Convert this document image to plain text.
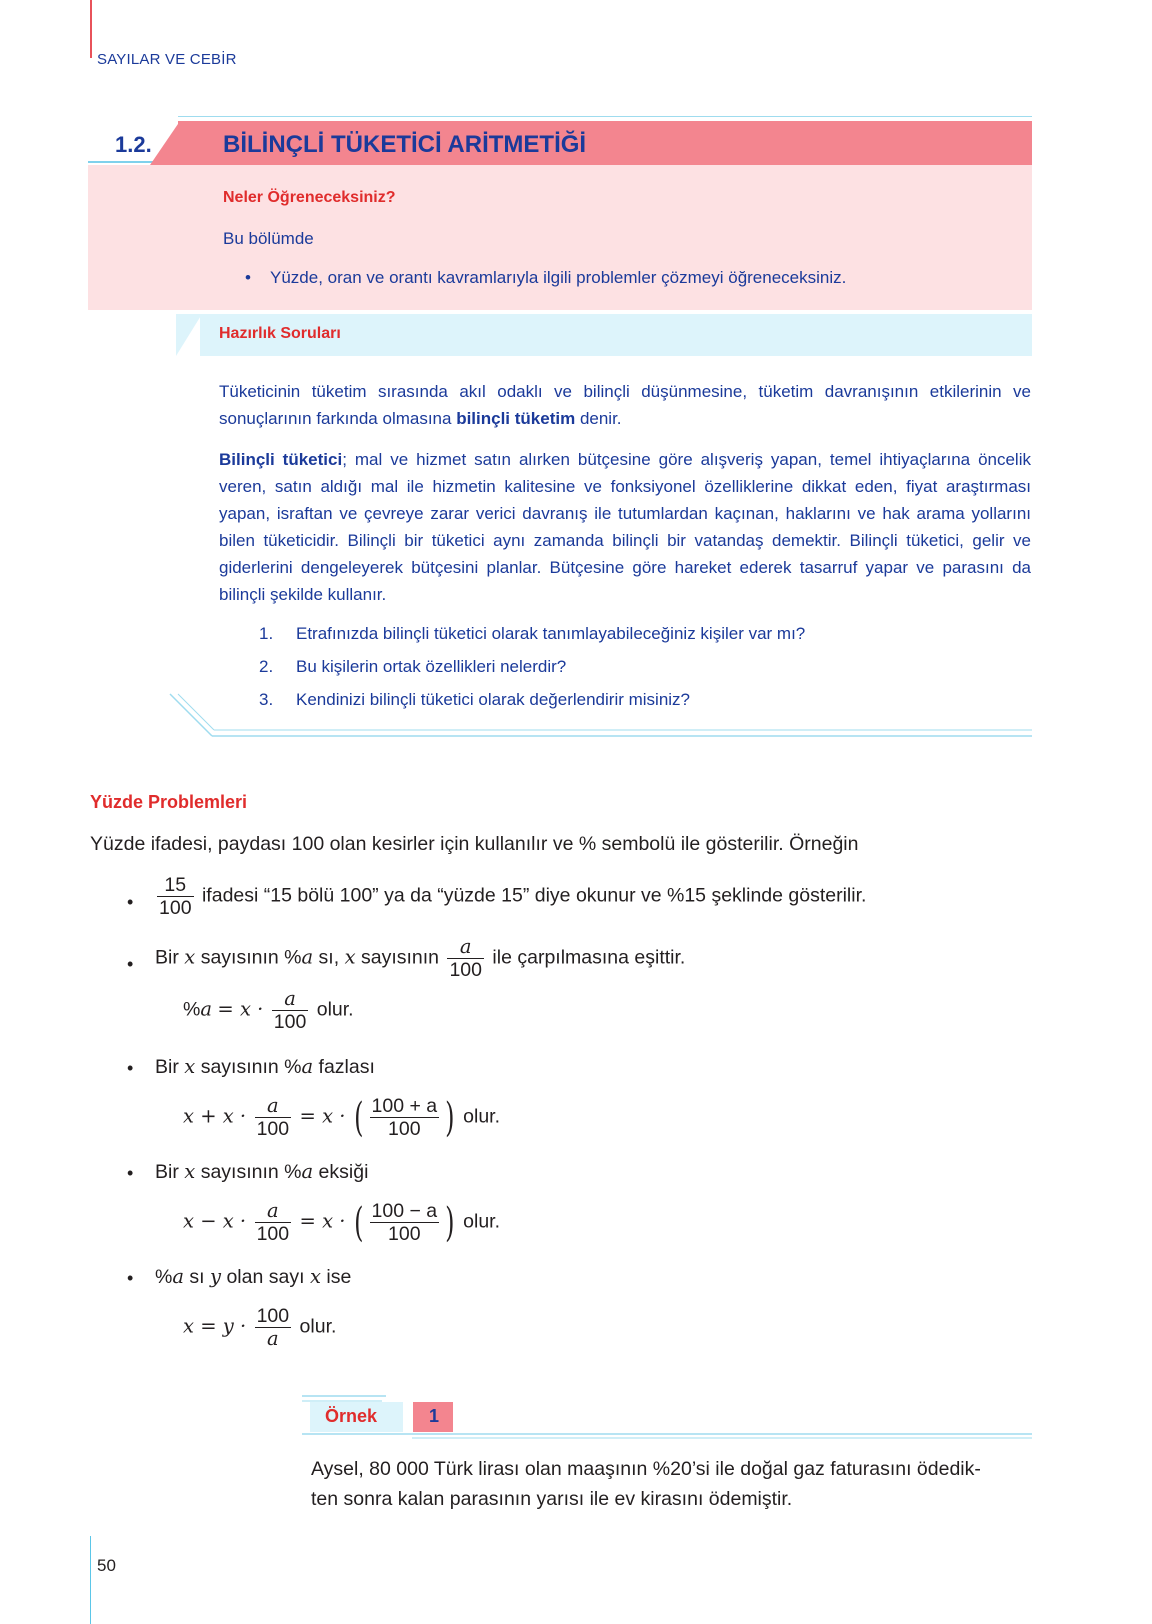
SAYILAR VE CEBİR
1.2.	BİLİNÇLİ TÜKETİCİ ARİTMETİĞİ
Neler Öğreneceksiniz?
Bu bölümde
• Yüzde, oran ve orantı kavramlarıyla ilgili problemler çözmeyi öğreneceksiniz.
Hazırlık Soruları
Tüketicinin tüketim sırasında akıl odaklı ve bilinçli düşünmesine, tüketim davranışının etkilerinin ve sonuçlarının farkında olmasına bilinçli tüketim denir.
Bilinçli tüketici; mal ve hizmet satın alırken bütçesine göre alışveriş yapan, temel ihtiyaçlarına öncelik veren, satın aldığı mal ile hizmetin kalitesine ve fonksiyonel özelliklerine dikkat eden, fiyat araştırması yapan, israftan ve çevreye zarar verici davranış ile tutumlardan kaçınan, haklarını ve hak arama yollarını bilen tüketicidir. Bilinçli bir tüketici aynı zamanda bilinçli bir vatandaş demektir. Bilinçli tüketici, gelir ve giderlerini dengeleyerek bütçesini planlar. Bütçesine göre hareket ederek tasarruf yapar ve parasını da bilinçli şekilde kullanır.
1. Etrafınızda bilinçli tüketici olarak tanımlayabileceğiniz kişiler var mı?
2. Bu kişilerin ortak özellikleri nelerdir?
3. Kendinizi bilinçli tüketici olarak değerlendirir misiniz?
Yüzde Problemleri
Yüzde ifadesi, paydası 100 olan kesirler için kullanılır ve % sembolü ile gösterilir. Örneğin
• $\frac{15}{100}$ ifadesi “15 bölü 100” ya da “yüzde 15” diye okunur ve %15 şeklinde gösterilir.
• Bir x sayısının %a sı, x sayısının $\frac{a}{100}$ ile çarpılmasına eşittir.
$\%a = x \cdot \frac{a}{100}$ olur.
• Bir x sayısının %a fazlası
$x + x \cdot \frac{a}{100} = x$ · ( $\frac{100 + a}{100}$ ) olur.
• Bir x sayısının %a eksiği
$x - x \cdot \frac{a}{100} = x$ · ( $\frac{100 - a}{100}$ ) olur.
• %a sı y olan sayı x ise
$x = y \cdot \frac{100}{a}$ olur.
Örnek	1
Aysel, 80 000 Türk lirası olan maaşının %20’si ile doğal gaz faturasını ödedik-
ten sonra kalan parasının yarısı ile ev kirasını ödemiştir.
50
